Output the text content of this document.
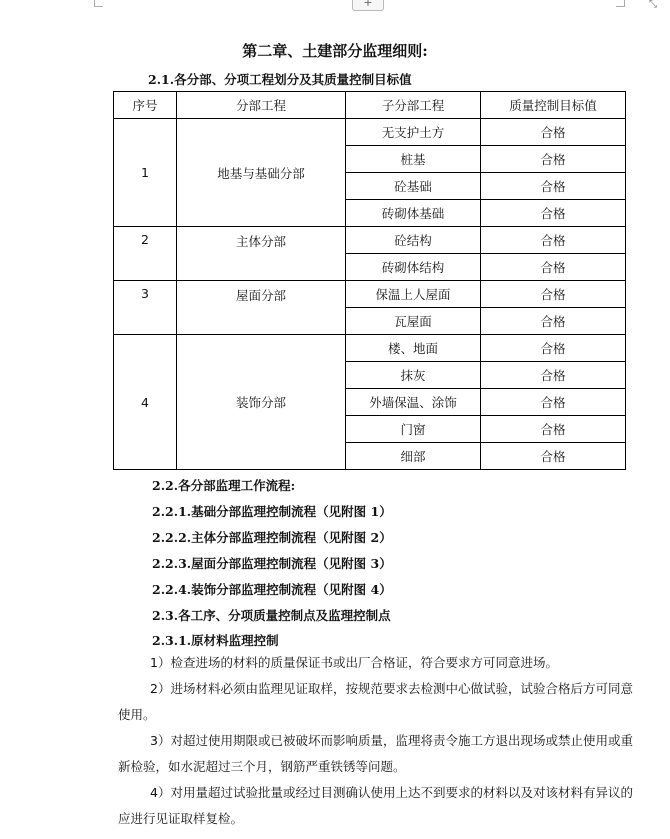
+	⤡
第二章、土建部分监理细则:
2.1.各分部、分项工程划分及其质量控制目标值
序号	分部工程	子分部工程	质量控制目标值
1	地基与基础分部	无支护土方	合格
		桩基	合格
		砼基础	合格
		砖砌体基础	合格
2	主体分部	砼结构	合格
		砖砌体结构	合格
3	屋面分部	保温上人屋面	合格
		瓦屋面	合格
4	装饰分部	楼、地面	合格
		抹灰	合格
		外墙保温、涂饰	合格
		门窗	合格
		细部	合格
2.2.各分部监理工作流程:
2.2.1.基础分部监理控制流程（见附图 1）
2.2.2.主体分部监理控制流程（见附图 2）
2.2.3.屋面分部监理控制流程（见附图 3）
2.2.4.装饰分部监理控制流程（见附图 4）
2.3.各工序、分项质量控制点及监理控制点
2.3.1.原材料监理控制

1）检查进场的材料的质量保证书或出厂合格证，符合要求方可同意进场。

2）进场材料必须由监理见证取样，按规范要求去检测中心做试验，试验合格后方可同意使用。

3）对超过使用期限或已被破坏而影响质量，监理将责令施工方退出现场或禁止使用或重新检验，如水泥超过三个月，钢筋严重铁锈等问题。

4）对用量超过试验批量或经过目测确认使用上达不到要求的材料以及对该材料有异议的应进行见证取样复检。
